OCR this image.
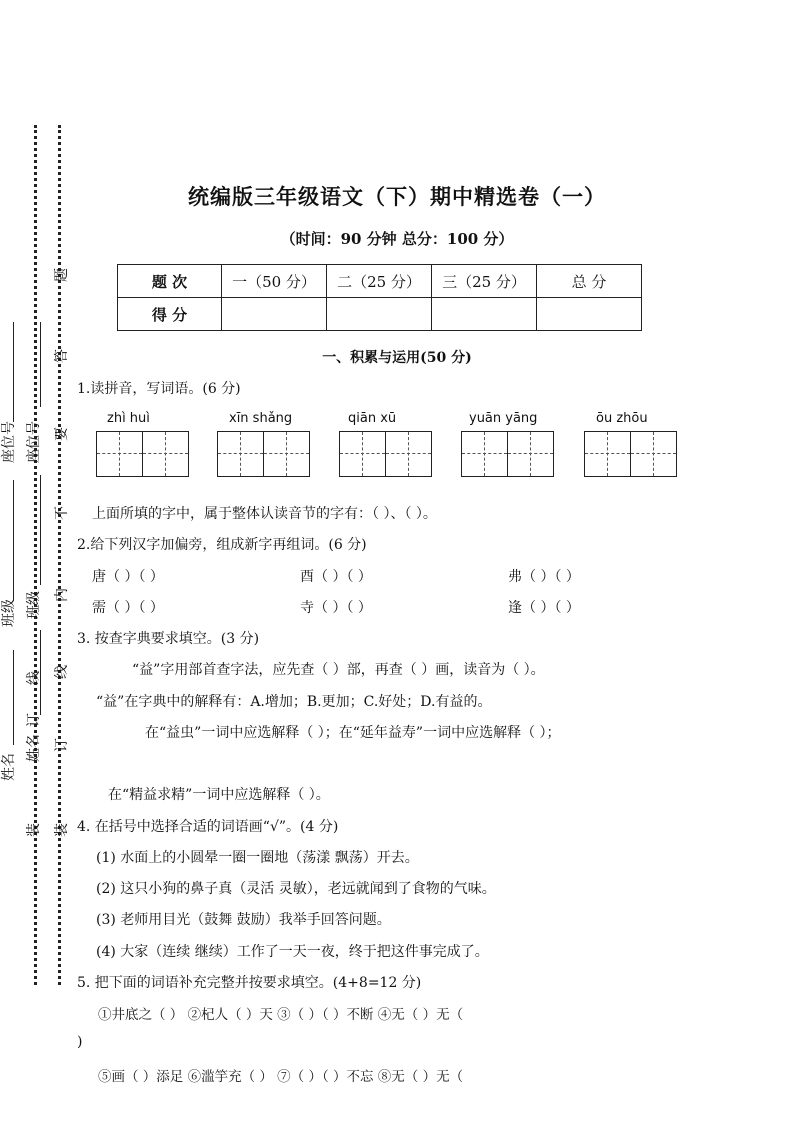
座位号
班级
姓名
座位号
班级
姓名
装
订
线
题
答
要
不
内
线
订
装
统编版三年级语文（下）期中精选卷（一）
（时间：90 分钟 总分：100 分）
题 次	一（50 分）	二（25 分）	三（25 分）	总 分
得 分				
一、积累与运用(50 分)
1.读拼音，写词语。(6 分)
zhì huì	xīn shǎng	qiān xū	yuān yāng	ōu zhōu
上面所填的字中，属于整体认读音节的字有：（ ）、（ ）。
2.给下列汉字加偏旁，组成新字再组词。(6 分)
唐（ ）（ ）	酉（ ）（ ）	弗（ ）（ ）
需（ ）（ ）	寺（ ）（ ）	逢（ ）（ ）
3. 按查字典要求填空。(3 分)
“益”字用部首查字法，应先查（ ）部，再查（ ）画，读音为（ ）。
“益”在字典中的解释有：A.增加；B.更加；C.好处；D.有益的。
在“益虫”一词中应选解释（ ）；在“延年益寿”一词中应选解释（ ）；
在“精益求精”一词中应选解释（ ）。
4. 在括号中选择合适的词语画“√”。(4 分)
(1) 水面上的小圆晕一圈一圈地（荡漾 飘荡）开去。
(2) 这只小狗的鼻子真（灵活 灵敏），老远就闻到了食物的气味。
(3) 老师用目光（鼓舞 鼓励）我举手回答问题。
(4) 大家（连续 继续）工作了一天一夜，终于把这件事完成了。
5. 把下面的词语补充完整并按要求填空。(4+8=12 分)
①井底之（ ） ②杞人（ ）天 ③（ ）（ ）不断 ④无（ ）无（
)
⑤画（ ）添足 ⑥滥竽充（ ） ⑦（ ）（ ）不忘 ⑧无（ ）无（
